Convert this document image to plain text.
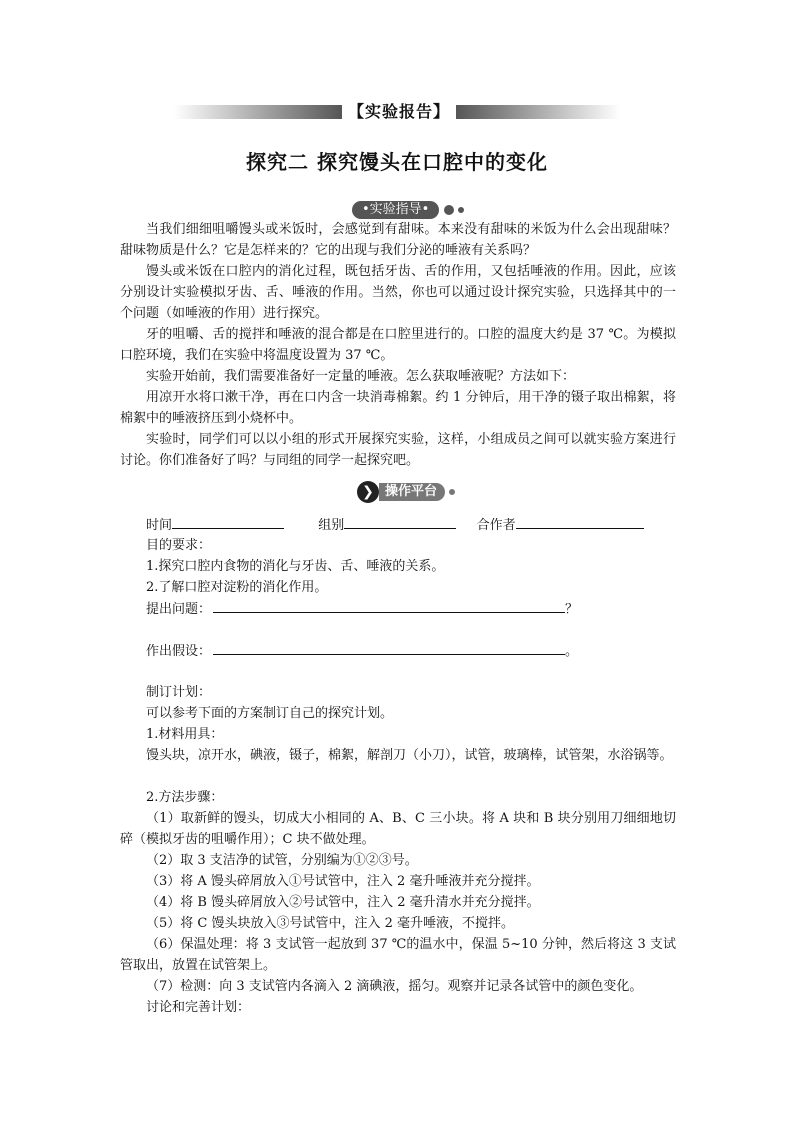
【实验报告】
探究二 探究馒头在口腔中的变化
•实验指导•

当我们细细咀嚼馒头或米饭时，会感觉到有甜味。本来没有甜味的米饭为什么会出现甜味？甜味物质是什么？它是怎样来的？它的出现与我们分泌的唾液有关系吗？

馒头或米饭在口腔内的消化过程，既包括牙齿、舌的作用，又包括唾液的作用。因此，应该分别设计实验模拟牙齿、舌、唾液的作用。当然，你也可以通过设计探究实验，只选择其中的一个问题（如唾液的作用）进行探究。

牙的咀嚼、舌的搅拌和唾液的混合都是在口腔里进行的。口腔的温度大约是 37 ℃。为模拟口腔环境，我们在实验中将温度设置为 37 ℃。

实验开始前，我们需要准备好一定量的唾液。怎么获取唾液呢？方法如下：

用凉开水将口漱干净，再在口内含一块消毒棉絮。约 1 分钟后，用干净的镊子取出棉絮，将棉絮中的唾液挤压到小烧杯中。

实验时，同学们可以以小组的形式开展探究实验，这样，小组成员之间可以就实验方案进行讨论。你们准备好了吗？与同组的同学一起探究吧。

❯ 操作平台
时间	组别	合作者
目的要求：
1.探究口腔内食物的消化与牙齿、舌、唾液的关系。
2.了解口腔对淀粉的消化作用。
提出问题：	？
作出假设：	。
制订计划：
可以参考下面的方案制订自己的探究计划。
1.材料用具：

馒头块，凉开水，碘液，镊子，棉絮，解剖刀（小刀），试管，玻璃棒，试管架，水浴锅等。

2.方法步骤：

（1）取新鲜的馒头，切成大小相同的 A、B、C 三小块。将 A 块和 B 块分别用刀细细地切碎（模拟牙齿的咀嚼作用）；C 块不做处理。

（2）取 3 支洁净的试管，分别编为①②③号。
（3）将 A 馒头碎屑放入①号试管中，注入 2 毫升唾液并充分搅拌。
（4）将 B 馒头碎屑放入②号试管中，注入 2 毫升清水并充分搅拌。
（5）将 C 馒头块放入③号试管中，注入 2 毫升唾液，不搅拌。

（6）保温处理：将 3 支试管一起放到 37 ℃的温水中，保温 5~10 分钟，然后将这 3 支试管取出，放置在试管架上。

（7）检测：向 3 支试管内各滴入 2 滴碘液，摇匀。观察并记录各试管中的颜色变化。
讨论和完善计划：
